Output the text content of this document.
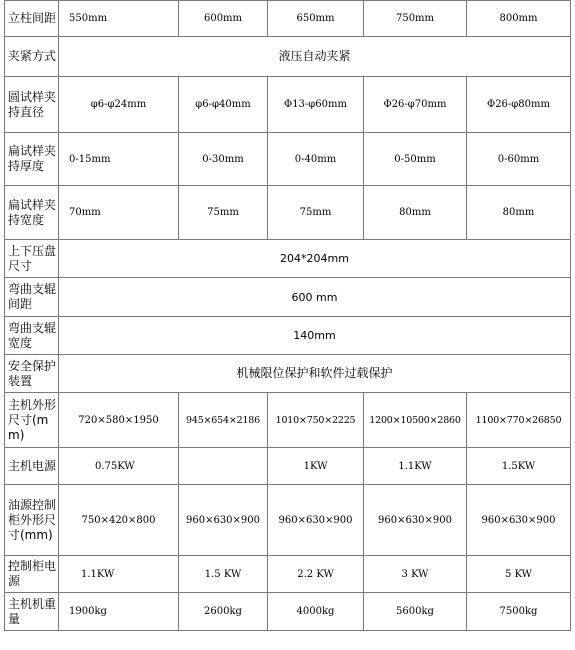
立柱间距	550mm	600mm	650mm	750mm	800mm
夹紧方式	液压自动夹紧				
圆试样夹持直径	φ6-φ24mm	φ6-φ40mm	Φ13-φ60mm	Φ26-φ70mm	Φ26-φ80mm
扁试样夹持厚度	0-15mm	0-30mm	0-40mm	0-50mm	0-60mm
扁试样夹持宽度	70mm	75mm	75mm	80mm	80mm
上下压盘尺寸	204*204mm				
弯曲支辊间距	600 mm				
弯曲支辊宽度	140mm				
安全保护装置	机械限位保护和软件过载保护				
主机外形尺寸(mm)	720×580×1950	945×654×2186	1010×750×2225	1200×10500×2860	1100×770×26850
主机电源	0.75KW		1KW	1.1KW	1.5KW
油源控制柜外形尺寸(mm)	750×420×800	960×630×900	960×630×900	960×630×900	960×630×900
控制柜电源	1.1KW	1.5 KW	2.2 KW	3 KW	5 KW
主机机重量	1900kg	2600kg	4000kg	5600kg	7500kg
